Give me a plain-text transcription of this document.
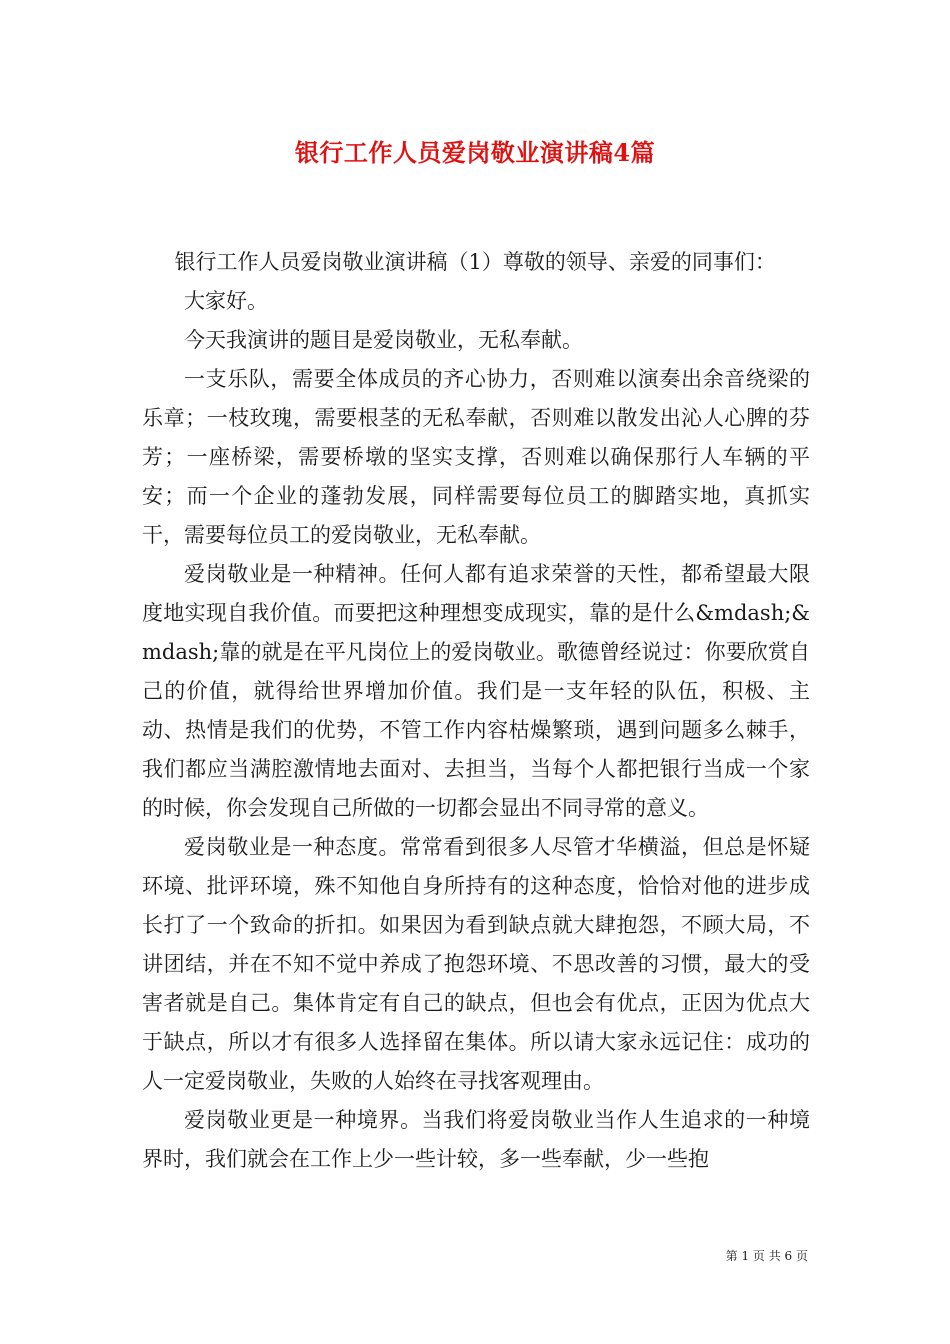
银行工作人员爱岗敬业演讲稿4篇

银行工作人员爱岗敬业演讲稿（1）尊敬的领导、亲爱的同事们：

大家好。

今天我演讲的题目是爱岗敬业，无私奉献。

一支乐队，需要全体成员的齐心协力，否则难以演奏出余音绕梁的乐章；一枝玫瑰，需要根茎的无私奉献，否则难以散发出沁人心脾的芬芳；一座桥梁，需要桥墩的坚实支撑，否则难以确保那行人车辆的平安；而一个企业的蓬勃发展，同样需要每位员工的脚踏实地，真抓实干，需要每位员工的爱岗敬业，无私奉献。

爱岗敬业是一种精神。任何人都有追求荣誉的天性，都希望最大限度地实现自我价值。而要把这种理想变成现实，靠的是什么&mdash;&mdash;靠的就是在平凡岗位上的爱岗敬业。歌德曾经说过：你要欣赏自己的价值，就得给世界增加价值。我们是一支年轻的队伍，积极、主动、热情是我们的优势，不管工作内容枯燥繁琐，遇到问题多么棘手，我们都应当满腔激情地去面对、去担当，当每个人都把银行当成一个家的时候，你会发现自己所做的一切都会显出不同寻常的意义。

爱岗敬业是一种态度。常常看到很多人尽管才华横溢，但总是怀疑环境、批评环境，殊不知他自身所持有的这种态度，恰恰对他的进步成长打了一个致命的折扣。如果因为看到缺点就大肆抱怨，不顾大局，不讲团结，并在不知不觉中养成了抱怨环境、不思改善的习惯，最大的受害者就是自己。集体肯定有自己的缺点，但也会有优点，正因为优点大于缺点，所以才有很多人选择留在集体。所以请大家永远记住：成功的人一定爱岗敬业，失败的人始终在寻找客观理由。

爱岗敬业更是一种境界。当我们将爱岗敬业当作人生追求的一种境界时，我们就会在工作上少一些计较，多一些奉献，少一些抱

第 1 页 共 6 页
